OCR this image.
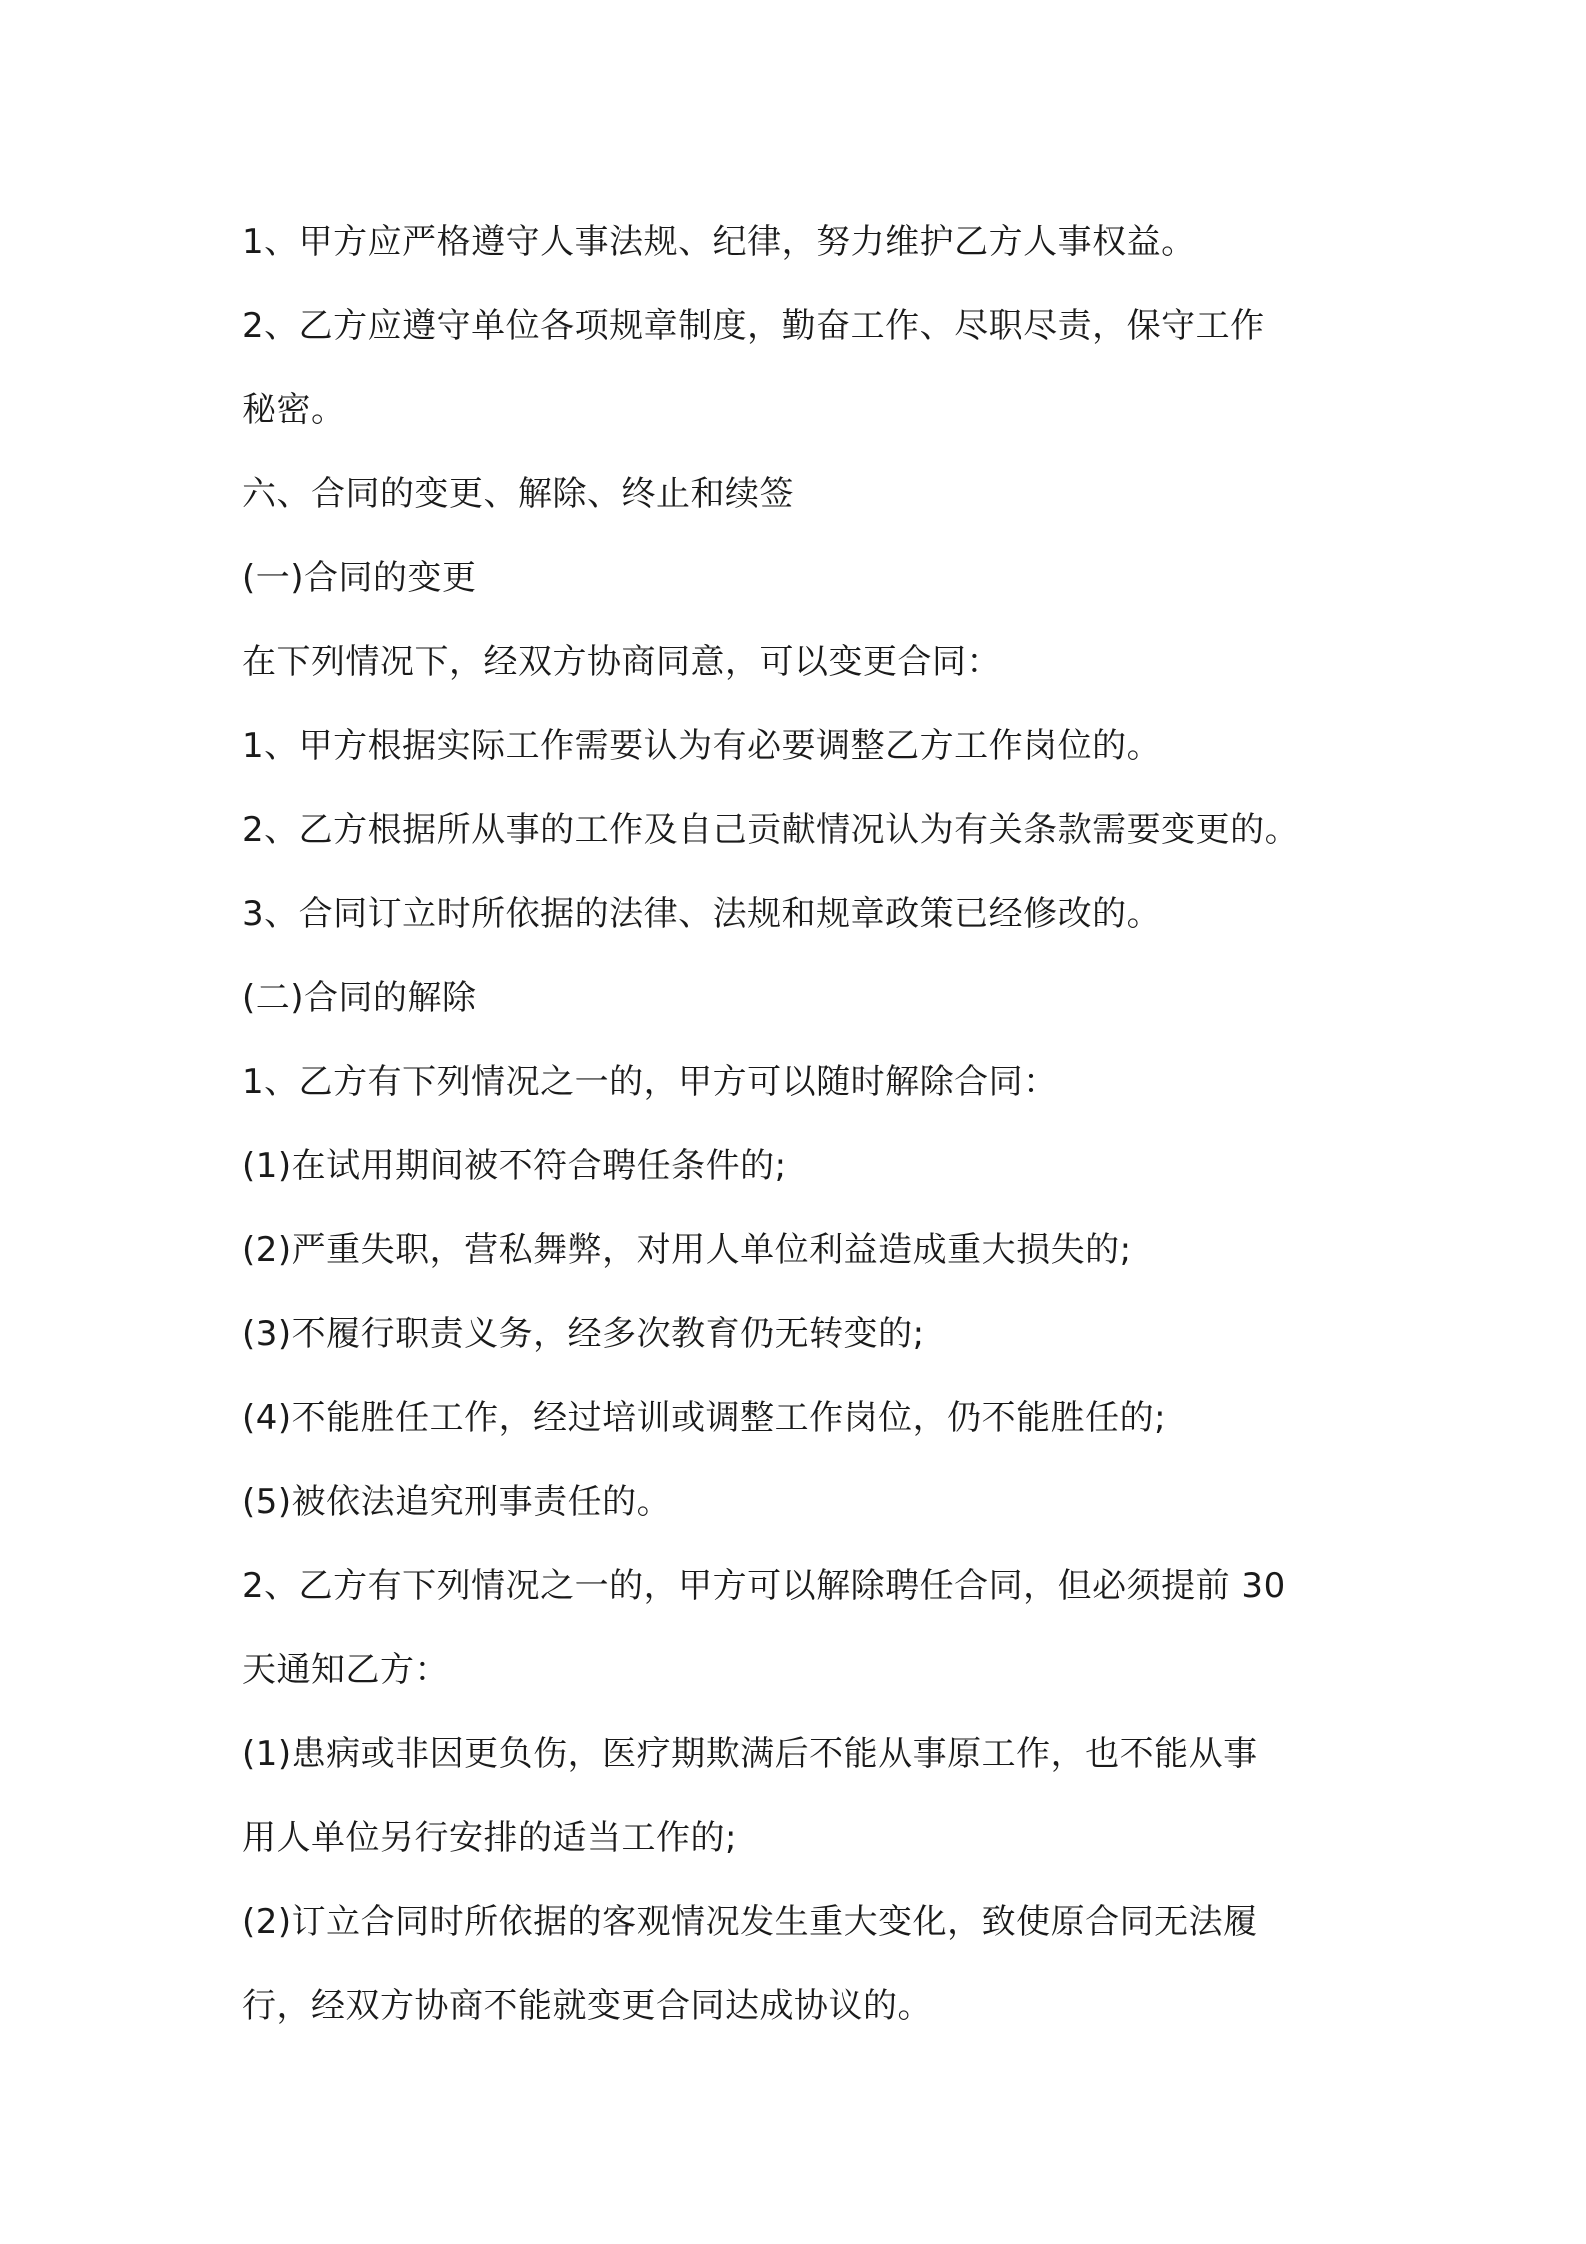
1、甲方应严格遵守人事法规、纪律，努力维护乙方人事权益。
2、乙方应遵守单位各项规章制度，勤奋工作、尽职尽责，保守工作
秘密。
六、合同的变更、解除、终止和续签
(一)合同的变更
在下列情况下，经双方协商同意，可以变更合同：
1、甲方根据实际工作需要认为有必要调整乙方工作岗位的。
2、乙方根据所从事的工作及自己贡献情况认为有关条款需要变更的。
3、合同订立时所依据的法律、法规和规章政策已经修改的。
(二)合同的解除
1、乙方有下列情况之一的，甲方可以随时解除合同：
(1)在试用期间被不符合聘任条件的;
(2)严重失职，营私舞弊，对用人单位利益造成重大损失的;
(3)不履行职责义务，经多次教育仍无转变的;
(4)不能胜任工作，经过培训或调整工作岗位，仍不能胜任的;
(5)被依法追究刑事责任的。
2、乙方有下列情况之一的，甲方可以解除聘任合同，但必须提前 30
天通知乙方：
(1)患病或非因更负伤，医疗期欺满后不能从事原工作，也不能从事
用人单位另行安排的适当工作的;
(2)订立合同时所依据的客观情况发生重大变化，致使原合同无法履
行，经双方协商不能就变更合同达成协议的。
